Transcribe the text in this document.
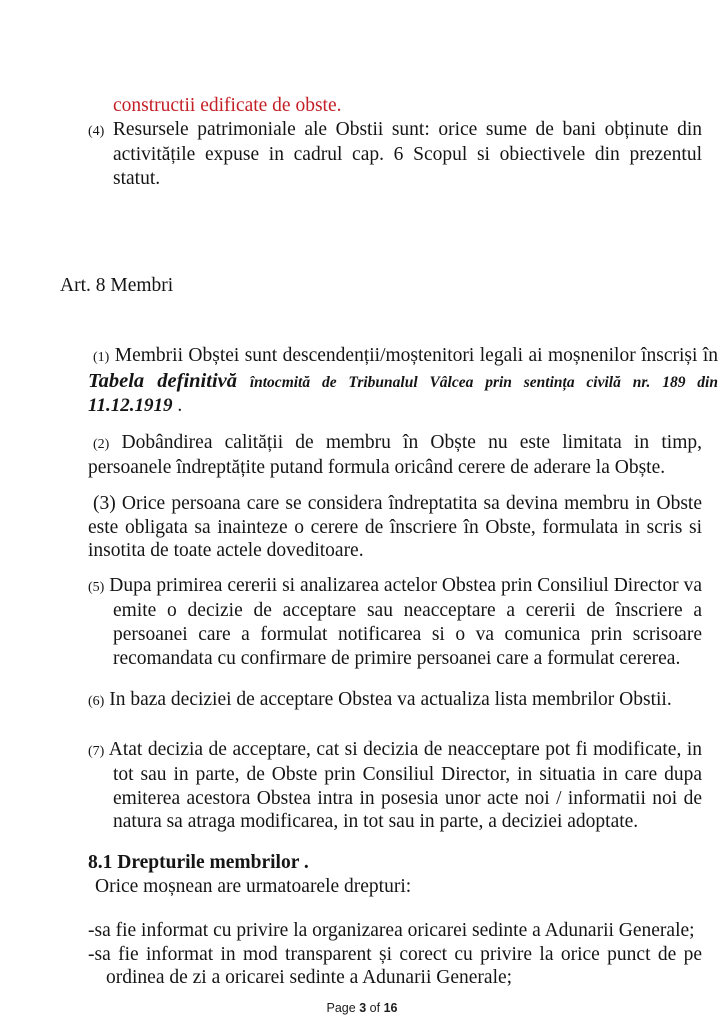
constructii edificate de obste.

(4) Resursele patrimoniale ale Obstii sunt: orice sume de bani obținute din activitățile expuse in cadrul cap. 6 Scopul si obiectivele din prezentul statut.

Art. 8 Membri

(1) Membrii Obștei sunt descendenții/moștenitori legali ai moșnenilor înscriși în Tabela definitivă întocmită de Tribunalul Vâlcea prin sentința civilă nr. 189 din 11.12.1919 .

(2) Dobândirea calității de membru în Obște nu este limitata in timp, persoanele îndreptățite putand formula oricând cerere de aderare la Obște.

(3) Orice persoana care se considera îndreptatita sa devina membru in Obste este obligata sa inainteze o cerere de înscriere în Obste, formulata in scris si insotita de toate actele doveditoare.

(5) Dupa primirea cererii si analizarea actelor Obstea prin Consiliul Director va emite o decizie de acceptare sau neacceptare a cererii de înscriere a persoanei care a formulat notificarea si o va comunica prin scrisoare recomandata cu confirmare de primire persoanei care a formulat cererea.

(6) In baza deciziei de acceptare Obstea va actualiza lista membrilor Obstii.

(7) Atat decizia de acceptare, cat si decizia de neacceptare pot fi modificate, in tot sau in parte, de Obste prin Consiliul Director, in situatia in care dupa emiterea acestora Obstea intra in posesia unor acte noi / informatii noi de natura sa atraga modificarea, in tot sau in parte, a deciziei adoptate.

8.1 Drepturile membrilor .

Orice moșnean are urmatoarele drepturi:

-sa fie informat cu privire la organizarea oricarei sedinte a Adunarii Generale;

-sa fie informat in mod transparent și corect cu privire la orice punct de pe ordinea de zi a oricarei sedinte a Adunarii Generale;

Page 3 of 16
